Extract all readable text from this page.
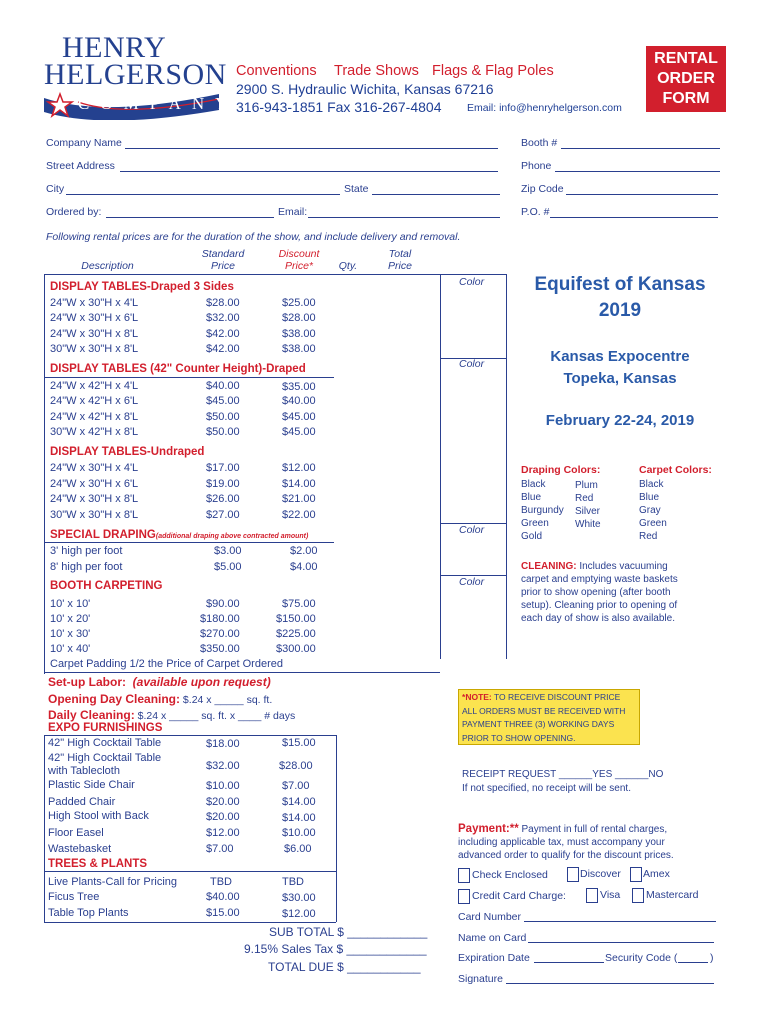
HENRY
HELGERSON
COMPANY
Conventions Trade Shows Flags & Flag Poles
2900 S. Hydraulic Wichita, Kansas 67216
316-943-1851 Fax 316-267-4804 Email: info@henryhelgerson.com
RENTAL
ORDER
FORM
Company Name	Booth #
Street Address	Phone
City	State	Zip Code
Ordered by:	Email:	P.O. #
Following rental prices are for the duration of the show, and include delivery and removal.
Description
Standard
Price
Discount
Price*	Qty.
Total
Price
Color
Color
Color
Color
DISPLAY TABLES-Draped 3 Sides
24"W x 30"H x 4'L	$28.00	$25.00
24"W x 30"H x 6'L	$32.00	$28.00
24"W x 30"H x 8'L	$42.00	$38.00
30"W x 30"H x 8'L	$42.00	$38.00
DISPLAY TABLES (42" Counter Height)-Draped
24"W x 42"H x 4'L	$40.00	$35.00
24"W x 42"H x 6'L	$45.00	$40.00
24"W x 42"H x 8'L	$50.00	$45.00
30"W x 42"H x 8'L	$50.00	$45.00
DISPLAY TABLES-Undraped
24"W x 30"H x 4'L	$17.00	$12.00
24"W x 30"H x 6'L	$19.00	$14.00
24"W x 30"H x 8'L	$26.00	$21.00
30"W x 30"H x 8'L	$27.00	$22.00
SPECIAL DRAPING(additional draping above contracted amount)
3' high per foot	$3.00	$2.00
8' high per foot	$5.00	$4.00
BOOTH CARPETING
10' x 10'	$90.00	$75.00
10' x 20'	$180.00	$150.00
10' x 30'	$270.00	$225.00
10' x 40'	$350.00	$300.00
Carpet Padding 1/2 the Price of Carpet Ordered
Set-up Labor: (available upon request)
Opening Day Cleaning: $.24 x _____ sq. ft.
Daily Cleaning: $.24 x _____ sq. ft. x ____ # days
EXPO FURNISHINGS
42" High Cocktail Table	$18.00	$15.00
42" High Cocktail Table
with Tablecloth	$32.00	$28.00
Plastic Side Chair	$10.00	$7.00
Padded Chair	$20.00	$14.00
High Stool with Back	$20.00	$14.00
Floor Easel	$12.00	$10.00
Wastebasket	$7.00	$6.00
TREES & PLANTS
Live Plants-Call for Pricing	TBD	TBD
Ficus Tree	$40.00	$30.00
Table Top Plants	$15.00	$12.00
SUB TOTAL $ ____________
9.15% Sales Tax $ ____________
TOTAL DUE $ ___________
Equifest of Kansas
2019
Kansas Expocentre
Topeka, Kansas
February 22-24, 2019
Draping Colors:
Black
Blue
Burgundy
Green
Gold
Plum
Red
Silver
White
Carpet Colors:
Black
Blue
Gray
Green
Red
CLEANING: Includes vacuuming
carpet and emptying waste baskets
prior to show opening (after booth
setup). Cleaning prior to opening of
each day of show is also available.
*NOTE: TO RECEIVE DISCOUNT PRICE
ALL ORDERS MUST BE RECEIVED WITH
PAYMENT THREE (3) WORKING DAYS
PRIOR TO SHOW OPENING.
RECEIPT REQUEST ______YES ______NO
If not specified, no receipt will be sent.
Payment:** Payment in full of rental charges,
including applicable tax, must accompany your
advanced order to qualify for the discount prices.
Check Enclosed	Discover Amex
Credit Card Charge:	Visa Mastercard
Card Number
Name on Card
Expiration Date	Security Code (	)
Signature
